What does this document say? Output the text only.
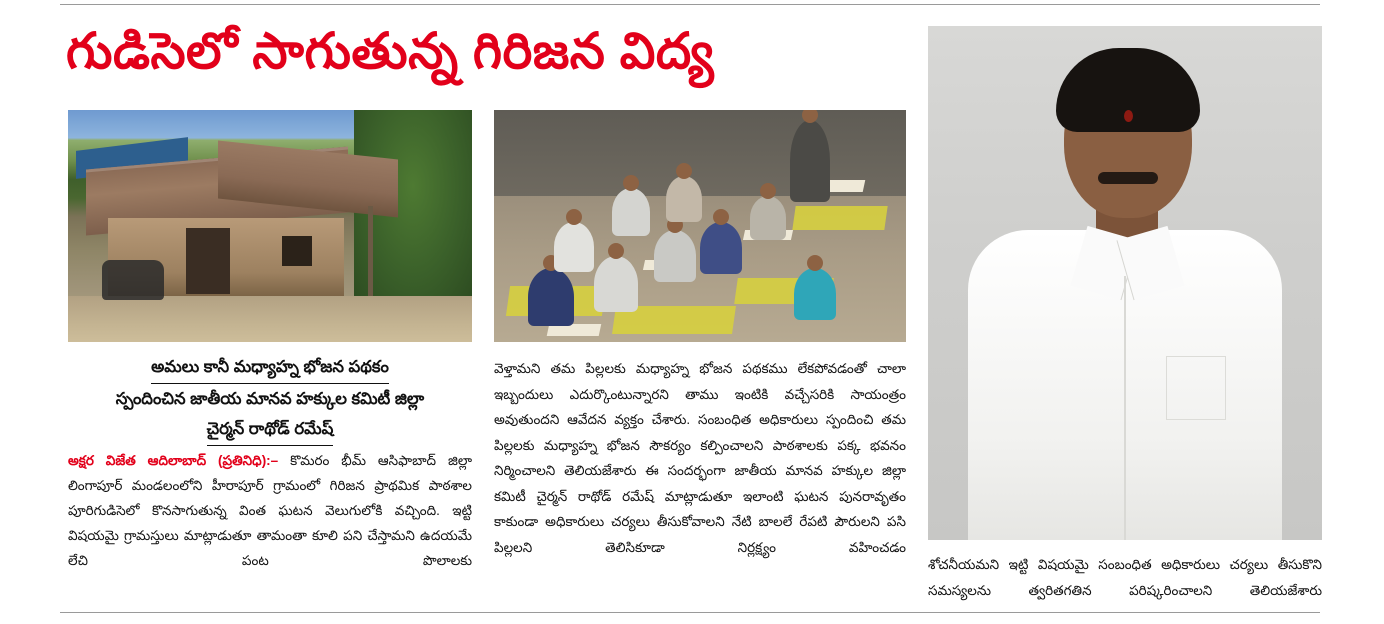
గుడిసెలో సాగుతున్న గిరిజన విద్య
అమలు కానీ మధ్యాహ్న భోజన పథకం
స్పందించిన జాతీయ మానవ హక్కుల కమిటీ జిల్లా
చైర్మన్ రాథోడ్ రమేష్
అక్షర విజేత ఆదిలాబాద్ (ప్రతినిధి):– కొమరం భీమ్ ఆసిఫాబాద్ జిల్లా లింగాపూర్ మండలంలోని హీరాపూర్ గ్రామంలో గిరిజన ప్రాథమిక పాఠశాల పూరిగుడిసెలో కొనసాగుతున్న వింత ఘటన వెలుగులోకి వచ్చింది. ఇట్టి విషయమై గ్రామస్తులు మాట్లాడుతూ తామంతా కూలి పని చేస్తామని ఉదయమే లేచి పంట పొలాలకు
వెళ్తామని తమ పిల్లలకు మధ్యాహ్న భోజన పథకము లేకపోవడంతో చాలా ఇబ్బందులు ఎదుర్కొంటున్నారని తాము ఇంటికి వచ్చేసరికి సాయంత్రం అవుతుందని ఆవేదన వ్యక్తం చేశారు. సంబంధిత అధికారులు స్పందించి తమ పిల్లలకు మధ్యాహ్న భోజన సౌకర్యం కల్పించాలని పాఠశాలకు పక్క భవనం నిర్మించాలని తెలియజేశారు ఈ సందర్భంగా జాతీయ మానవ హక్కుల జిల్లా కమిటీ చైర్మన్ రాథోడ్ రమేష్ మాట్లాడుతూ ఇలాంటి ఘటన పునరావృతం కాకుండా అధికారులు చర్యలు తీసుకోవాలని నేటి బాలలే రేపటి పౌరులని పసి పిల్లలని తెలిసికూడా నిర్లక్ష్యం వహించడం
శోచనీయమని ఇట్టి విషయమై సంబంధిత అధికారులు చర్యలు తీసుకొని సమస్యలను త్వరితగతిన పరిష్కరించాలని తెలియజేశారు
